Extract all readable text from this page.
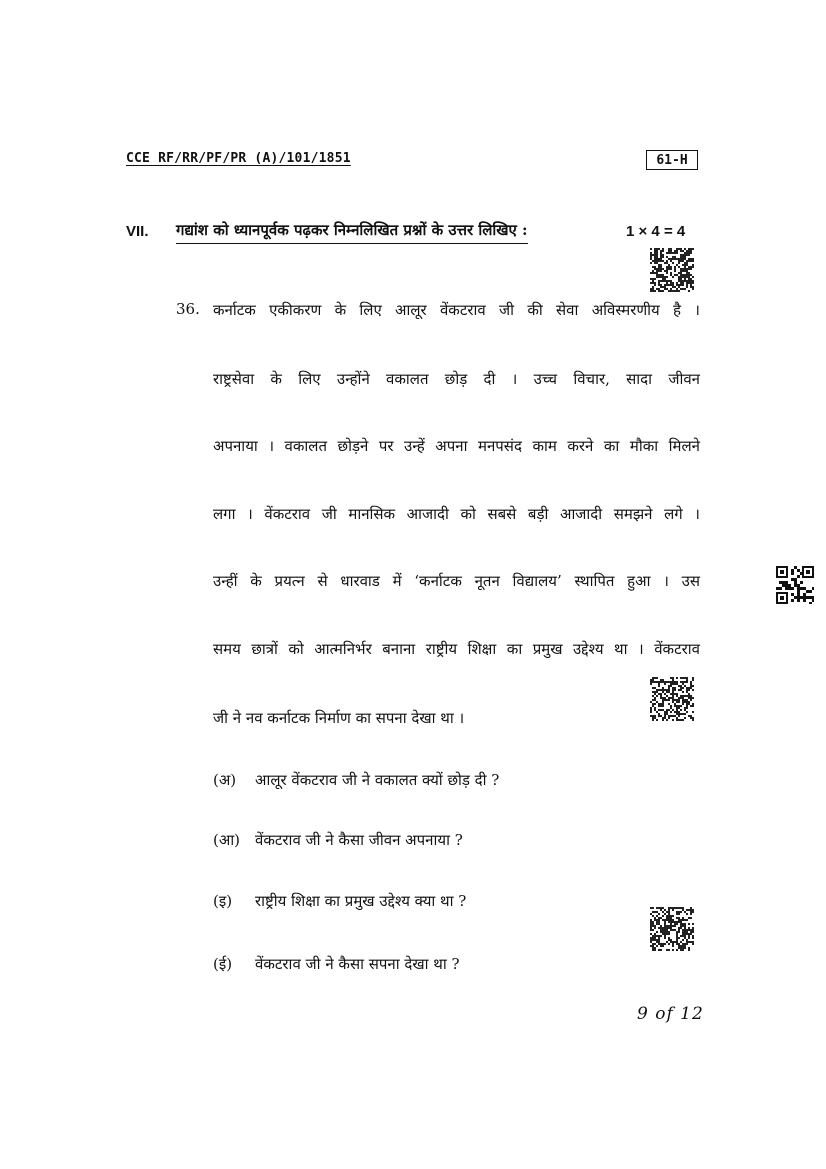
CCE RF/RR/PF/PR (A)/101/1851	61-H
VII. गद्यांश को ध्यानपूर्वक पढ़कर निम्नलिखित प्रश्नों के उत्तर लिखिए :	1 × 4 = 4
36. कर्नाटक एकीकरण के लिए आलूर वेंकटराव जी की सेवा अविस्मरणीय है ।
राष्ट्रसेवा के लिए उन्होंने वकालत छोड़ दी । उच्च विचार, सादा जीवन
अपनाया । वकालत छोड़ने पर उन्हें अपना मनपसंद काम करने का मौका मिलने
लगा । वेंकटराव जी मानसिक आजादी को सबसे बड़ी आजादी समझने लगे ।
उन्हीं के प्रयत्न से धारवाड में ‘कर्नाटक नूतन विद्यालय’ स्थापित हुआ । उस
समय छात्रों को आत्मनिर्भर बनाना राष्ट्रीय शिक्षा का प्रमुख उद्देश्य था । वेंकटराव
जी ने नव कर्नाटक निर्माण का सपना देखा था ।
(अ) आलूर वेंकटराव जी ने वकालत क्यों छोड़ दी ?
(आ) वेंकटराव जी ने कैसा जीवन अपनाया ?
(इ) राष्ट्रीय शिक्षा का प्रमुख उद्देश्य क्या था ?
(ई) वेंकटराव जी ने कैसा सपना देखा था ?
9 of 12
